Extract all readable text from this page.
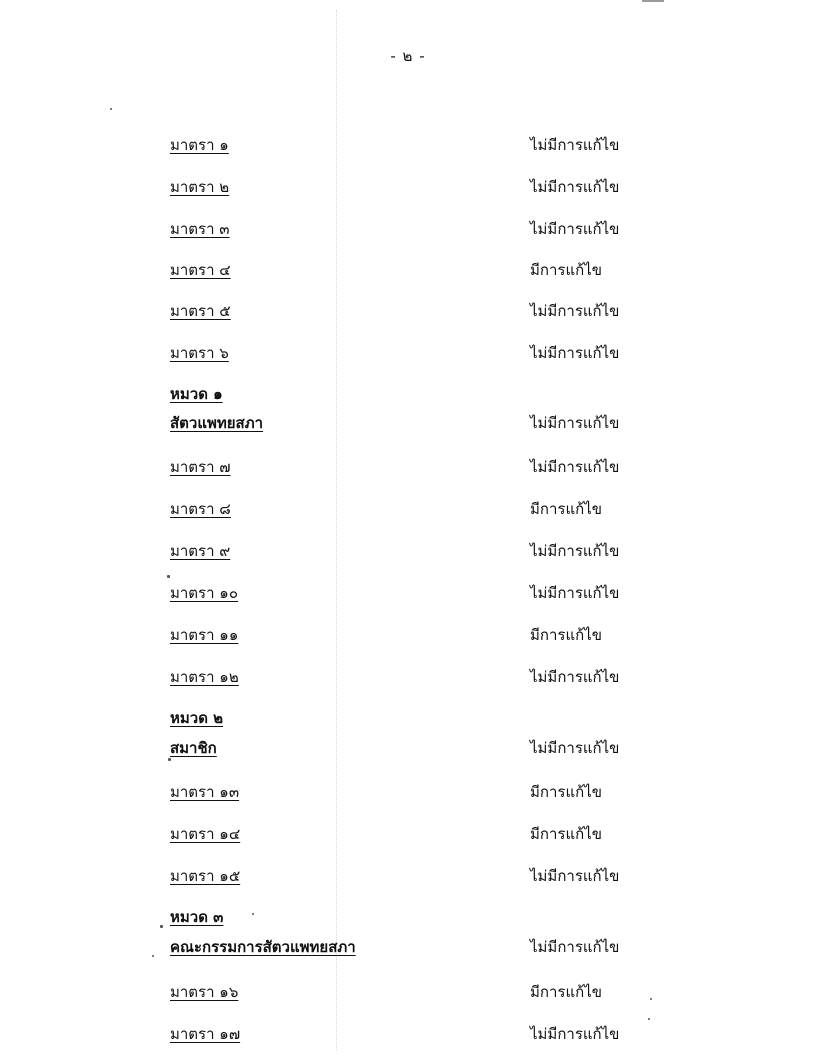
- ๒ -
มาตรา ๑	ไม่มีการแก้ไข
มาตรา ๒	ไม่มีการแก้ไข
มาตรา ๓	ไม่มีการแก้ไข
มาตรา ๔	มีการแก้ไข
มาตรา ๕	ไม่มีการแก้ไข
มาตรา ๖	ไม่มีการแก้ไข
หมวด ๑
สัตวแพทยสภา	ไม่มีการแก้ไข
มาตรา ๗	ไม่มีการแก้ไข
มาตรา ๘	มีการแก้ไข
มาตรา ๙	ไม่มีการแก้ไข
มาตรา ๑๐	ไม่มีการแก้ไข
มาตรา ๑๑	มีการแก้ไข
มาตรา ๑๒	ไม่มีการแก้ไข
หมวด ๒
สมาชิก	ไม่มีการแก้ไข
มาตรา ๑๓	มีการแก้ไข
มาตรา ๑๔	มีการแก้ไข
มาตรา ๑๕	ไม่มีการแก้ไข
หมวด ๓
คณะกรรมการสัตวแพทยสภา	ไม่มีการแก้ไข
มาตรา ๑๖	มีการแก้ไข
มาตรา ๑๗	ไม่มีการแก้ไข
